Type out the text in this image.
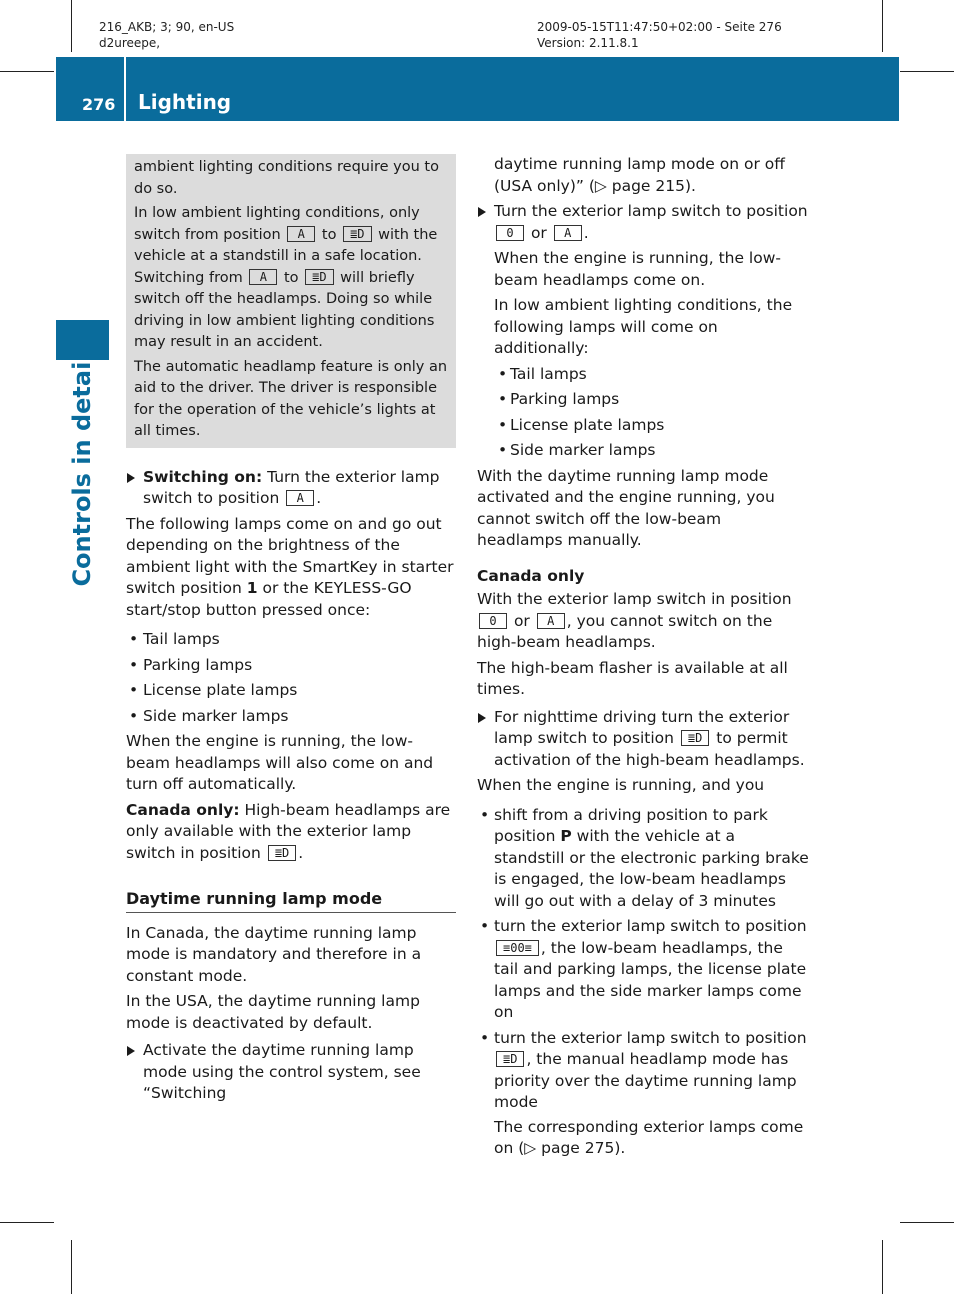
216_AKB; 3; 90, en-US
d2ureepe,
2009-05-15T11:47:50+02:00 - Seite 276
Version: 2.11.8.1
276 Lighting
Controls in detail

ambient lighting conditions require you to do so.

In low ambient lighting conditions, only switch from position A to ≣D with the vehicle at a standstill in a safe location. Switching from A to ≣D will briefly switch off the headlamps. Doing so while driving in low ambient lighting conditions may result in an accident.

The automatic headlamp feature is only an aid to the driver. The driver is responsible for the operation of the vehicle’s lights at all times.

Switching on: Turn the exterior lamp switch to position A .

The following lamps come on and go out depending on the brightness of the ambient light with the SmartKey in starter switch position 1 or the KEYLESS-GO start/stop button pressed once:

• Tail lamps

• Parking lamps

• License plate lamps

• Side marker lamps

When the engine is running, the low-beam headlamps will also come on and turn off automatically.

Canada only: High-beam headlamps are only available with the exterior lamp switch in position ≣D .

Daytime running lamp mode

In Canada, the daytime running lamp mode is mandatory and therefore in a constant mode.

In the USA, the daytime running lamp mode is deactivated by default.

Activate the daytime running lamp mode using the control system, see “Switching

daytime running lamp mode on or off (USA only)” (▷ page 215).

Turn the exterior lamp switch to position 0 or A .

When the engine is running, the low-beam headlamps come on.

In low ambient lighting conditions, the following lamps will come on additionally:

• Tail lamps

• Parking lamps

• License plate lamps

• Side marker lamps

With the daytime running lamp mode activated and the engine running, you cannot switch off the low-beam headlamps manually.

Canada only

With the exterior lamp switch in position 0 or A , you cannot switch on the high-beam headlamps.

The high-beam flasher is available at all times.

For nighttime driving turn the exterior lamp switch to position ≣D to permit activation of the high-beam headlamps.

When the engine is running, and you

• shift from a driving position to park position P with the vehicle at a standstill or the electronic parking brake is engaged, the low-beam headlamps will go out with a delay of 3 minutes

• turn the exterior lamp switch to position ≡00≡ , the low-beam headlamps, the tail and parking lamps, the license plate lamps and the side marker lamps come on

• turn the exterior lamp switch to position ≣D , the manual headlamp mode has priority over the daytime running lamp mode

The corresponding exterior lamps come on (▷ page 275).
